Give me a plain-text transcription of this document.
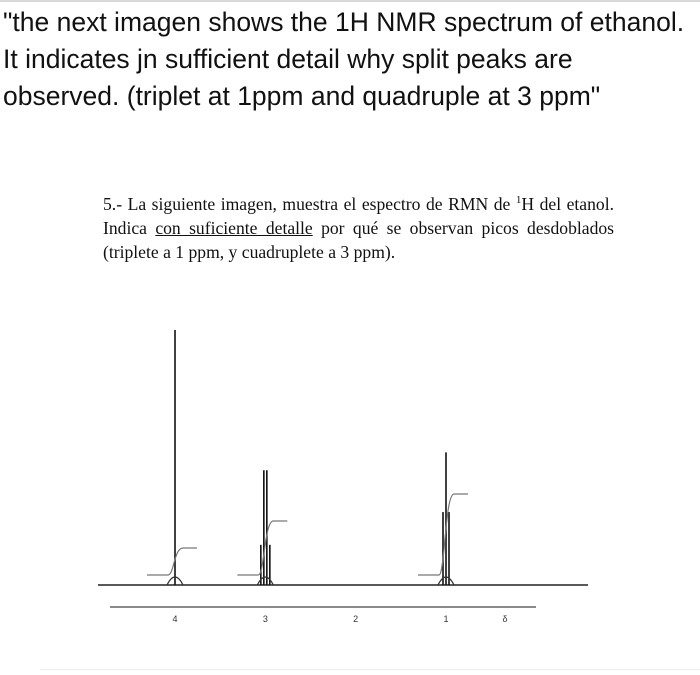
"the next imagen shows the 1H NMR spectrum of ethanol. It indicates jn sufficient detail why split peaks are observed. (triplet at 1ppm and quadruple at 3 ppm"
5.- La siguiente imagen, muestra el espectro de RMN de $^1$H del etanol. Indica con suficiente detalle por qué se observan picos desdoblados (triplete a 1 ppm, y cuadruplete a 3 ppm).
4	3	2	1	δ
